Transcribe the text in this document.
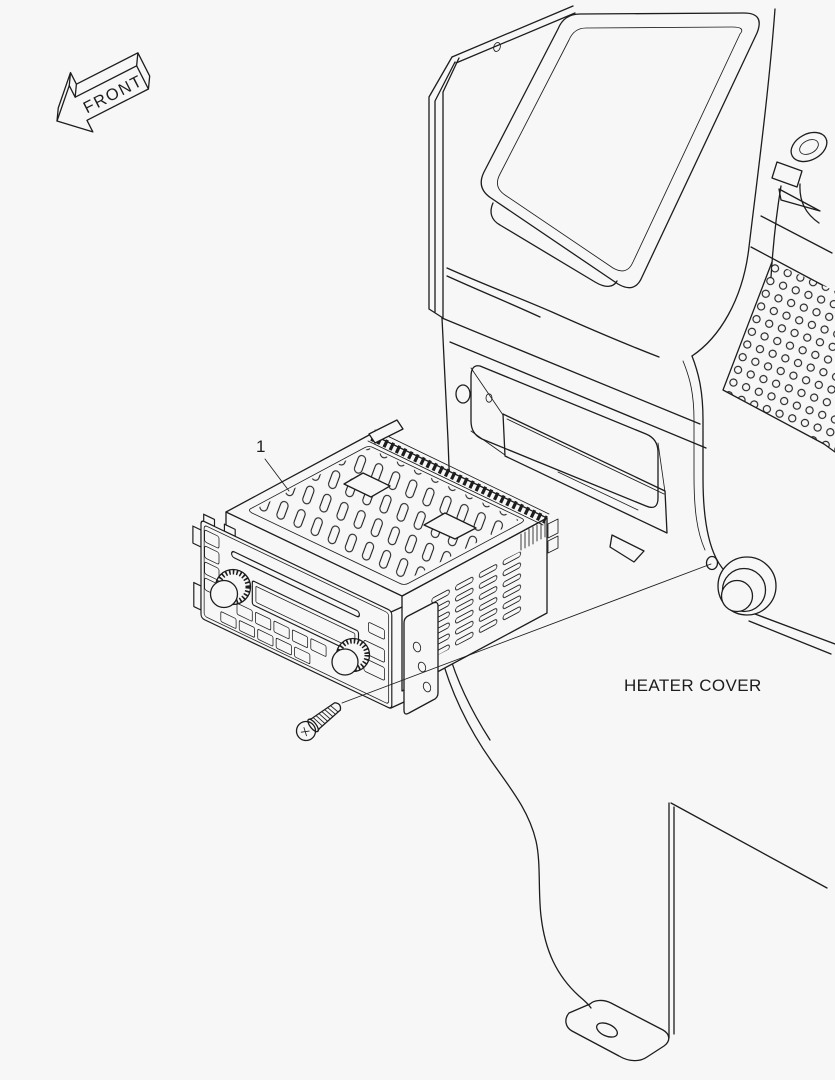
1
HEATER COVER
FRONT
